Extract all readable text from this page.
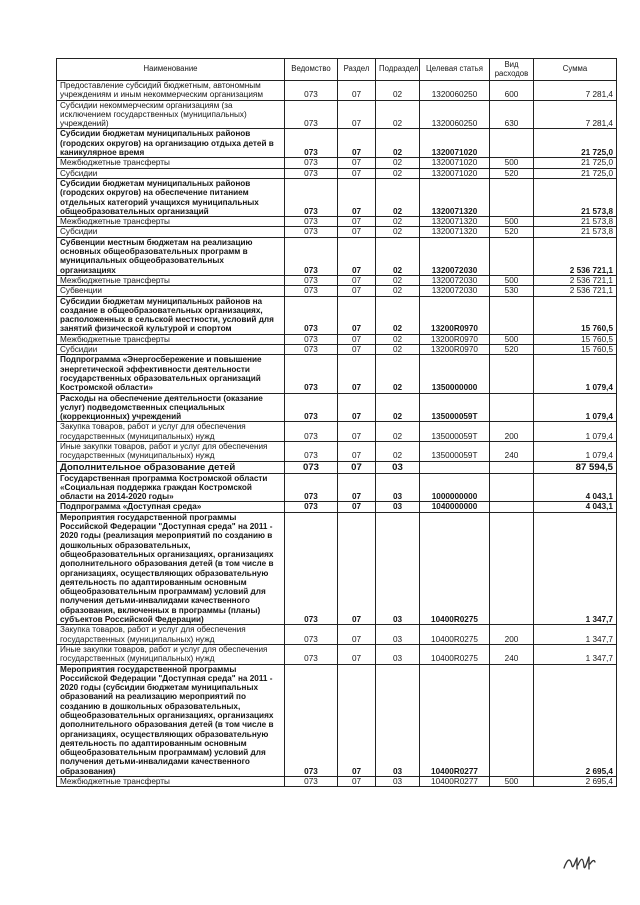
Наименование	Ведомство	Раздел	Подраздел	Целевая статья	Вид расходов	Сумма
Предоставление субсидий бюджетным, автономным учреждениям и иным некоммерческим организациям	073	07	02	1320060250	600	7 281,4
Субсидии некоммерческим организациям (за исключением государственных (муниципальных) учреждений)	073	07	02	1320060250	630	7 281,4
Субсидии бюджетам муниципальных районов (городских округов) на организацию отдыха детей в каникулярное время	073	07	02	1320071020		21 725,0
Межбюджетные трансферты	073	07	02	1320071020	500	21 725,0
Субсидии	073	07	02	1320071020	520	21 725,0
Субсидии бюджетам муниципальных районов (городских округов) на обеспечение питанием отдельных категорий учащихся муниципальных общеобразовательных организаций	073	07	02	1320071320		21 573,8
Межбюджетные трансферты	073	07	02	1320071320	500	21 573,8
Субсидии	073	07	02	1320071320	520	21 573,8
Субвенции местным бюджетам на реализацию основных общеобразовательных программ в муниципальных общеобразовательных организациях	073	07	02	1320072030		2 536 721,1
Межбюджетные трансферты	073	07	02	1320072030	500	2 536 721,1
Субвенции	073	07	02	1320072030	530	2 536 721,1
Субсидии бюджетам муниципальных районов на создание в общеобразовательных организациях, расположенных в сельской местности, условий для занятий физической культурой и спортом	073	07	02	13200R0970		15 760,5
Межбюджетные трансферты	073	07	02	13200R0970	500	15 760,5
Субсидии	073	07	02	13200R0970	520	15 760,5
Подпрограмма «Энергосбережение и повышение энергетической эффективности деятельности государственных образовательных организаций Костромской области»	073	07	02	1350000000		1 079,4
Расходы на обеспечение деятельности (оказание услуг) подведомственных специальных (коррекционных) учреждений	073	07	02	135000059Т		1 079,4
Закупка товаров, работ и услуг для обеспечения государственных (муниципальных) нужд	073	07	02	135000059Т	200	1 079,4
Иные закупки товаров, работ и услуг для обеспечения государственных (муниципальных) нужд	073	07	02	135000059Т	240	1 079,4
Дополнительное образование детей	073	07	03			87 594,5
Государственная программа Костромской области «Социальная поддержка граждан Костромской области на 2014-2020 годы»	073	07	03	1000000000		4 043,1
Подпрограмма «Доступная среда»	073	07	03	1040000000		4 043,1
Мероприятия государственной программы Российской Федерации "Доступная среда" на 2011 - 2020 годы (реализация мероприятий по созданию в дошкольных образовательных, общеобразовательных организациях, организациях дополнительного образования детей (в том числе в организациях, осуществляющих образовательную деятельность по адаптированным основным общеобразовательным программам) условий для получения детьми-инвалидами качественного образования, включенных в программы (планы) субъектов Российской Федерации)	073	07	03	10400R0275		1 347,7
Закупка товаров, работ и услуг для обеспечения государственных (муниципальных) нужд	073	07	03	10400R0275	200	1 347,7
Иные закупки товаров, работ и услуг для обеспечения государственных (муниципальных) нужд	073	07	03	10400R0275	240	1 347,7
Мероприятия государственной программы Российской Федерации "Доступная среда" на 2011 - 2020 годы (субсидии бюджетам муниципальных образований на реализацию мероприятий по созданию в дошкольных образовательных, общеобразовательных организациях, организациях дополнительного образования детей (в том числе в организациях, осуществляющих образовательную деятельность по адаптированным основным общеобразовательным программам) условий для получения детьми-инвалидами качественного образования)	073	07	03	10400R0277		2 695,4
Межбюджетные трансферты	073	07	03	10400R0277	500	2 695,4
